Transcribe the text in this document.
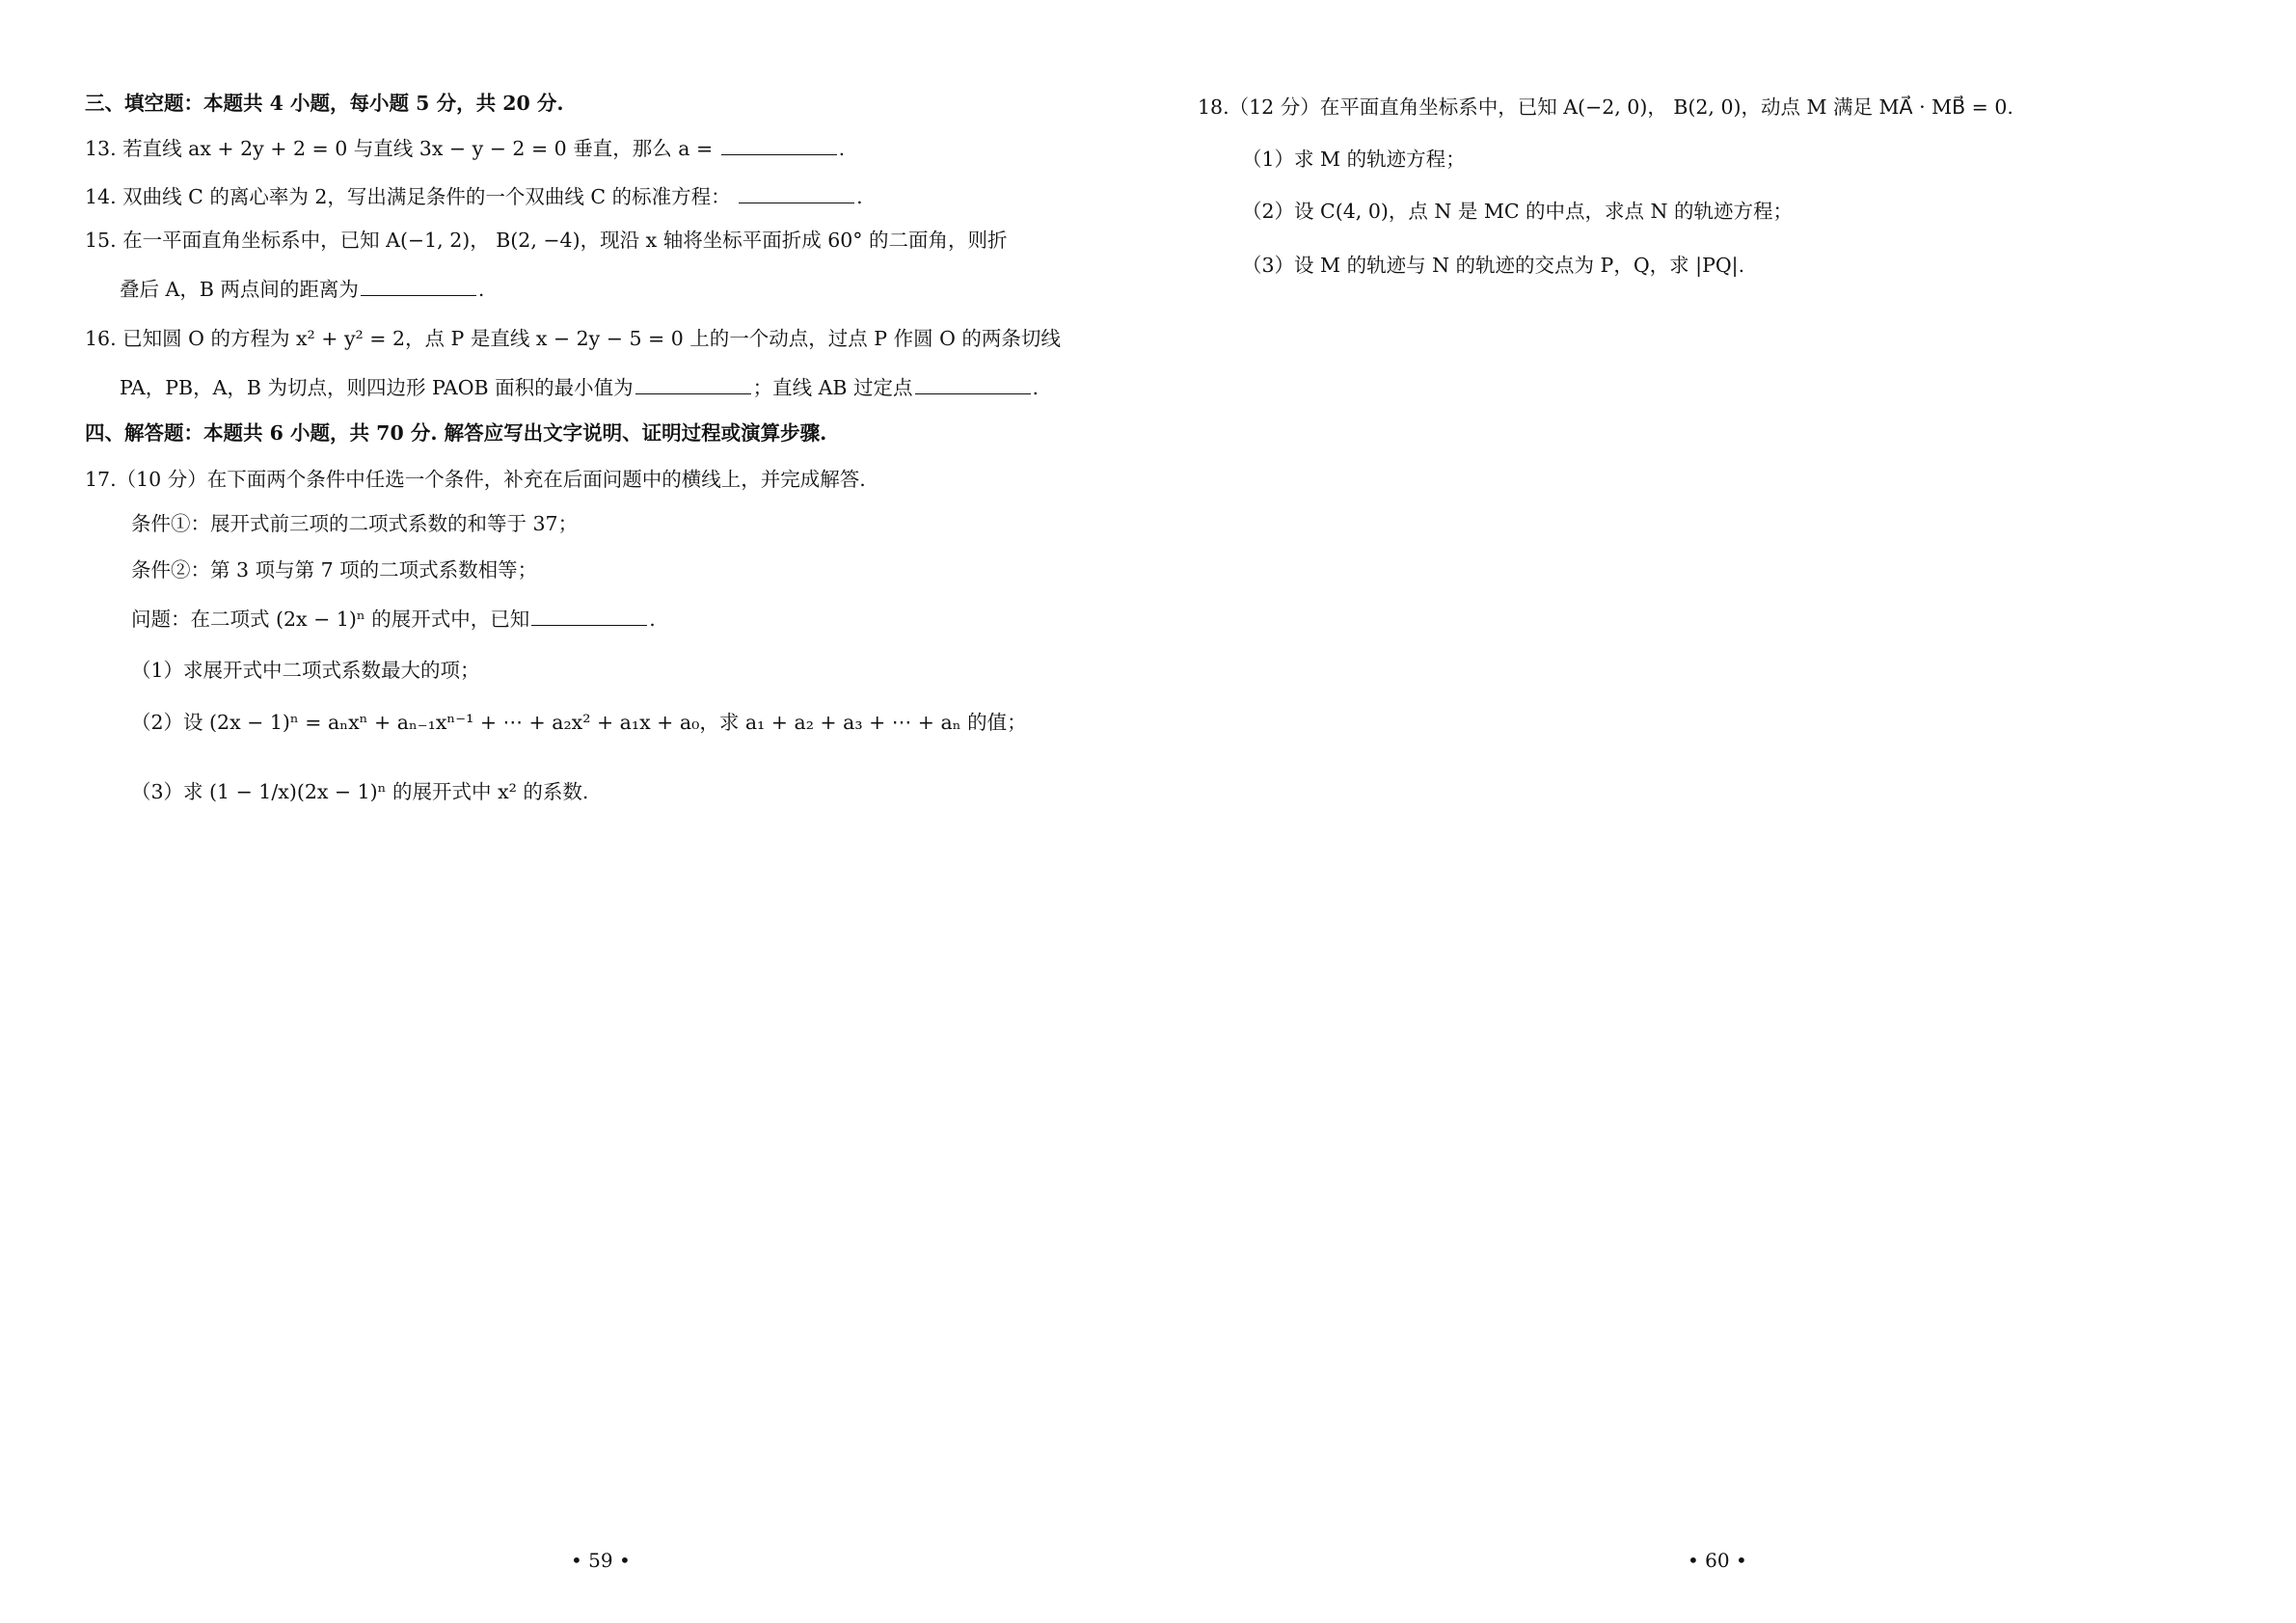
三、填空题：本题共 4 小题，每小题 5 分，共 20 分.
13. 若直线 ax + 2y + 2 = 0 与直线 3x − y − 2 = 0 垂直，那么 a =	.
14. 双曲线 C 的离心率为 2，写出满足条件的一个双曲线 C 的标准方程：	.
15. 在一平面直角坐标系中，已知 A(−1, 2)， B(2, −4)，现沿 x 轴将坐标平面折成 60° 的二面角，则折
叠后 A，B 两点间的距离为	.
16. 已知圆 O 的方程为 x² + y² = 2，点 P 是直线 x − 2y − 5 = 0 上的一个动点，过点 P 作圆 O 的两条切线
PA，PB，A，B 为切点，则四边形 PAOB 面积的最小值为	；直线 AB 过定点	.
四、解答题：本题共 6 小题，共 70 分. 解答应写出文字说明、证明过程或演算步骤.
17.（10 分）在下面两个条件中任选一个条件，补充在后面问题中的横线上，并完成解答.
条件①：展开式前三项的二项式系数的和等于 37；
条件②：第 3 项与第 7 项的二项式系数相等；
问题：在二项式 (2x − 1)ⁿ 的展开式中，已知	.
（1）求展开式中二项式系数最大的项；
（2）设 (2x − 1)ⁿ = aₙxⁿ + aₙ₋₁xⁿ⁻¹ + ⋯ + a₂x² + a₁x + a₀，求 a₁ + a₂ + a₃ + ⋯ + aₙ 的值；
（3）求 (1 − 1/x)(2x − 1)ⁿ 的展开式中 x² 的系数.
• 59 •
18.（12 分）在平面直角坐标系中，已知 A(−2, 0)， B(2, 0)，动点 M 满足 MA⃗ · MB⃗ = 0.
（1）求 M 的轨迹方程；
（2）设 C(4, 0)，点 N 是 MC 的中点，求点 N 的轨迹方程；
（3）设 M 的轨迹与 N 的轨迹的交点为 P，Q，求 |PQ|.
• 60 •
